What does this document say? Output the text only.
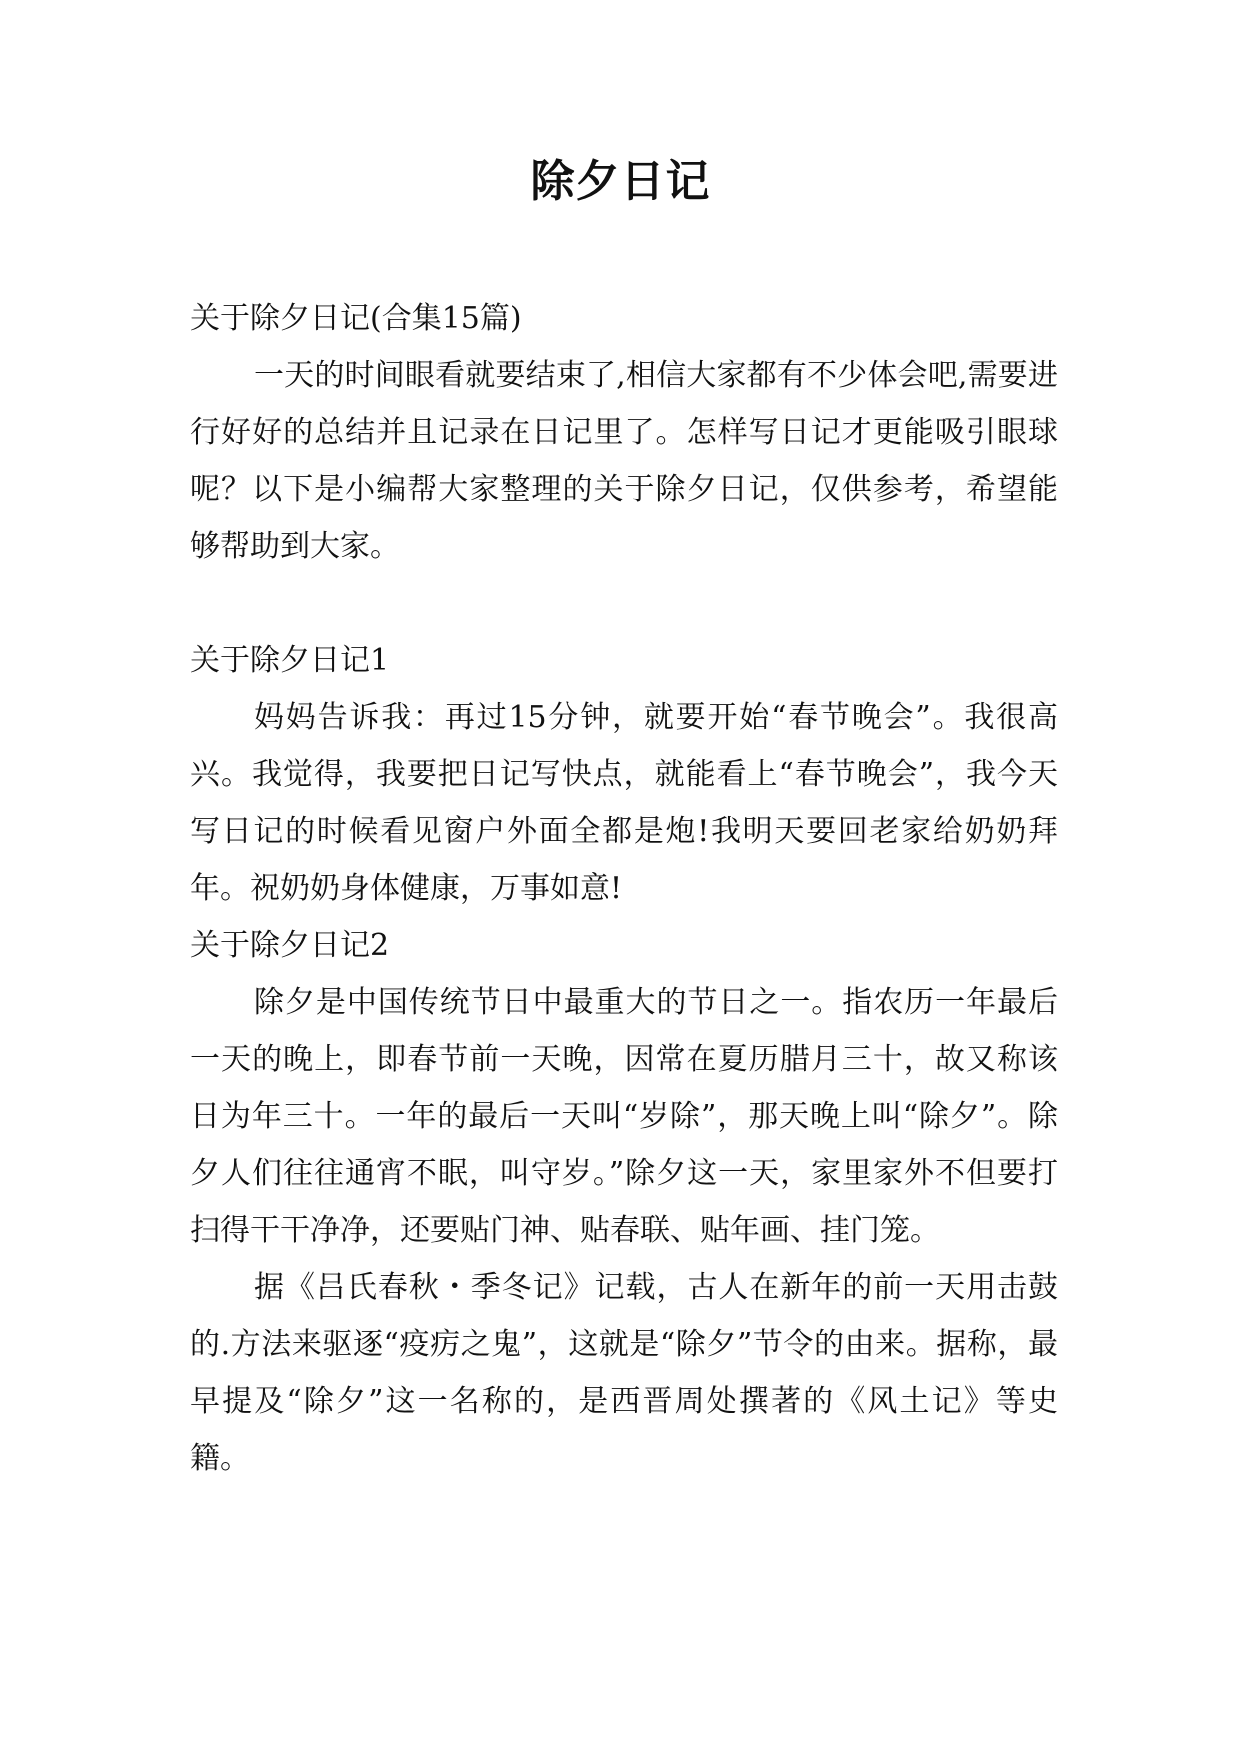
除夕日记

关于除夕日记(合集15篇)

一天的时间眼看就要结束了,相信大家都有不少体会吧,需要进行好好的总结并且记录在日记里了。怎样写日记才更能吸引眼球呢？以下是小编帮大家整理的关于除夕日记，仅供参考，希望能够帮助到大家。

关于除夕日记1

妈妈告诉我：再过15分钟，就要开始“春节晚会”。我很高兴。我觉得，我要把日记写快点，就能看上“春节晚会”，我今天写日记的时候看见窗户外面全都是炮!我明天要回老家给奶奶拜年。祝奶奶身体健康，万事如意!

关于除夕日记2

除夕是中国传统节日中最重大的节日之一。指农历一年最后一天的晚上，即春节前一天晚，因常在夏历腊月三十，故又称该日为年三十。一年的最后一天叫“岁除”，那天晚上叫“除夕”。除夕人们往往通宵不眠，叫守岁。”除夕这一天，家里家外不但要打扫得干干净净，还要贴门神、贴春联、贴年画、挂门笼。

据《吕氏春秋・季冬记》记载，古人在新年的前一天用击鼓的.方法来驱逐“疫疠之鬼”，这就是“除夕”节令的由来。据称，最早提及“除夕”这一名称的，是西晋周处撰著的《风土记》等史籍。
